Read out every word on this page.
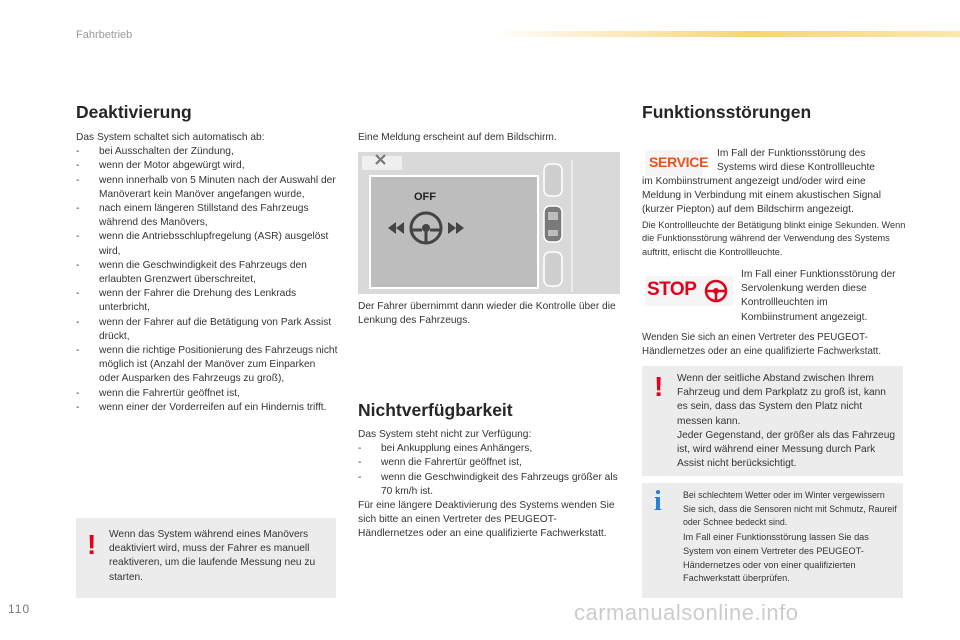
Fahrbetrieb
Deaktivierung
Das System schaltet sich automatisch ab:
- bei Ausschalten der Zündung,
- wenn der Motor abgewürgt wird,
- wenn innerhalb von 5 Minuten nach der Auswahl der Manöverart kein Manöver angefangen wurde,
- nach einem längeren Stillstand des Fahrzeugs während des Manövers,
- wenn die Antriebsschlupfregelung (ASR) ausgelöst wird,
- wenn die Geschwindigkeit des Fahrzeugs den erlaubten Grenzwert überschreitet,
- wenn der Fahrer die Drehung des Lenkrads unterbricht,
- wenn der Fahrer auf die Betätigung von Park Assist drückt,
- wenn die richtige Positionierung des Fahrzeugs nicht möglich ist (Anzahl der Manöver zum Einparken oder Ausparken des Fahrzeugs zu groß),
- wenn die Fahrertür geöffnet ist,
- wenn einer der Vorderreifen auf ein Hindernis trifft.
! Wenn das System während eines Manövers deaktiviert wird, muss der Fahrer es manuell reaktiveren, um die laufende Messung neu zu starten.
Eine Meldung erscheint auf dem Bildschirm.
OFF
Der Fahrer übernimmt dann wieder die Kontrolle über die Lenkung des Fahrzeugs.
Nichtverfügbarkeit
Das System steht nicht zur Verfügung:
- bei Ankupplung eines Anhängers,
- wenn die Fahrertür geöffnet ist,
- wenn die Geschwindigkeit des Fahrzeugs größer als 70 km/h ist.
Für eine längere Deaktivierung des Systems wenden Sie sich bitte an einen Vertreter des PEUGEOT-Händlernetzes oder an eine qualifizierte Fachwerkstatt.
Funktionsstörungen
SERVICE
Im Fall der Funktionsstörung des Systems wird diese Kontrollleuchte
im Kombiinstrument angezeigt und/oder wird eine Meldung in Verbindung mit einem akustischen Signal (kurzer Piepton) auf dem Bildschirm angezeigt.
Die Kontrollleuchte der Betätigung blinkt einige Sekunden. Wenn die Funktionsstörung während der Verwendung des Systems auftritt, erlischt die Kontrollleuchte.
STOP
Im Fall einer Funktionsstörung der Servolenkung werden diese Kontrollleuchten im Kombiinstrument angezeigt.
Wenden Sie sich an einen Vertreter des PEUGEOT-Händlernetzes oder an eine qualifizierte Fachwerkstatt.
! Wenn der seitliche Abstand zwischen Ihrem Fahrzeug und dem Parkplatz zu groß ist, kann es sein, dass das System den Platz nicht messen kann.
Jeder Gegenstand, der größer als das Fahrzeug ist, wird während einer Messung durch Park Assist nicht berücksichtigt.
i Bei schlechtem Wetter oder im Winter vergewissern Sie sich, dass die Sensoren nicht mit Schmutz, Raureif oder Schnee bedeckt sind.
Im Fall einer Funktionsstörung lassen Sie das System von einem Vertreter des PEUGEOT-Händernetzes oder von einer qualifizierten Fachwerkstatt überprüfen.
110	carmanualsonline.info
